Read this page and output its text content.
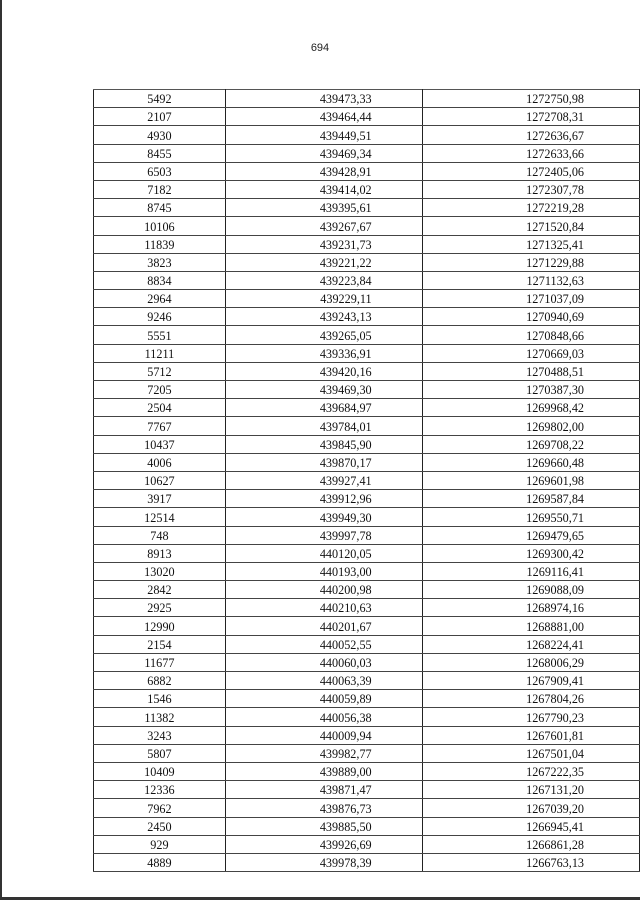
694
5492	439473,33	1272750,98
2107	439464,44	1272708,31
4930	439449,51	1272636,67
8455	439469,34	1272633,66
6503	439428,91	1272405,06
7182	439414,02	1272307,78
8745	439395,61	1272219,28
10106	439267,67	1271520,84
11839	439231,73	1271325,41
3823	439221,22	1271229,88
8834	439223,84	1271132,63
2964	439229,11	1271037,09
9246	439243,13	1270940,69
5551	439265,05	1270848,66
11211	439336,91	1270669,03
5712	439420,16	1270488,51
7205	439469,30	1270387,30
2504	439684,97	1269968,42
7767	439784,01	1269802,00
10437	439845,90	1269708,22
4006	439870,17	1269660,48
10627	439927,41	1269601,98
3917	439912,96	1269587,84
12514	439949,30	1269550,71
748	439997,78	1269479,65
8913	440120,05	1269300,42
13020	440193,00	1269116,41
2842	440200,98	1269088,09
2925	440210,63	1268974,16
12990	440201,67	1268881,00
2154	440052,55	1268224,41
11677	440060,03	1268006,29
6882	440063,39	1267909,41
1546	440059,89	1267804,26
11382	440056,38	1267790,23
3243	440009,94	1267601,81
5807	439982,77	1267501,04
10409	439889,00	1267222,35
12336	439871,47	1267131,20
7962	439876,73	1267039,20
2450	439885,50	1266945,41
929	439926,69	1266861,28
4889	439978,39	1266763,13
